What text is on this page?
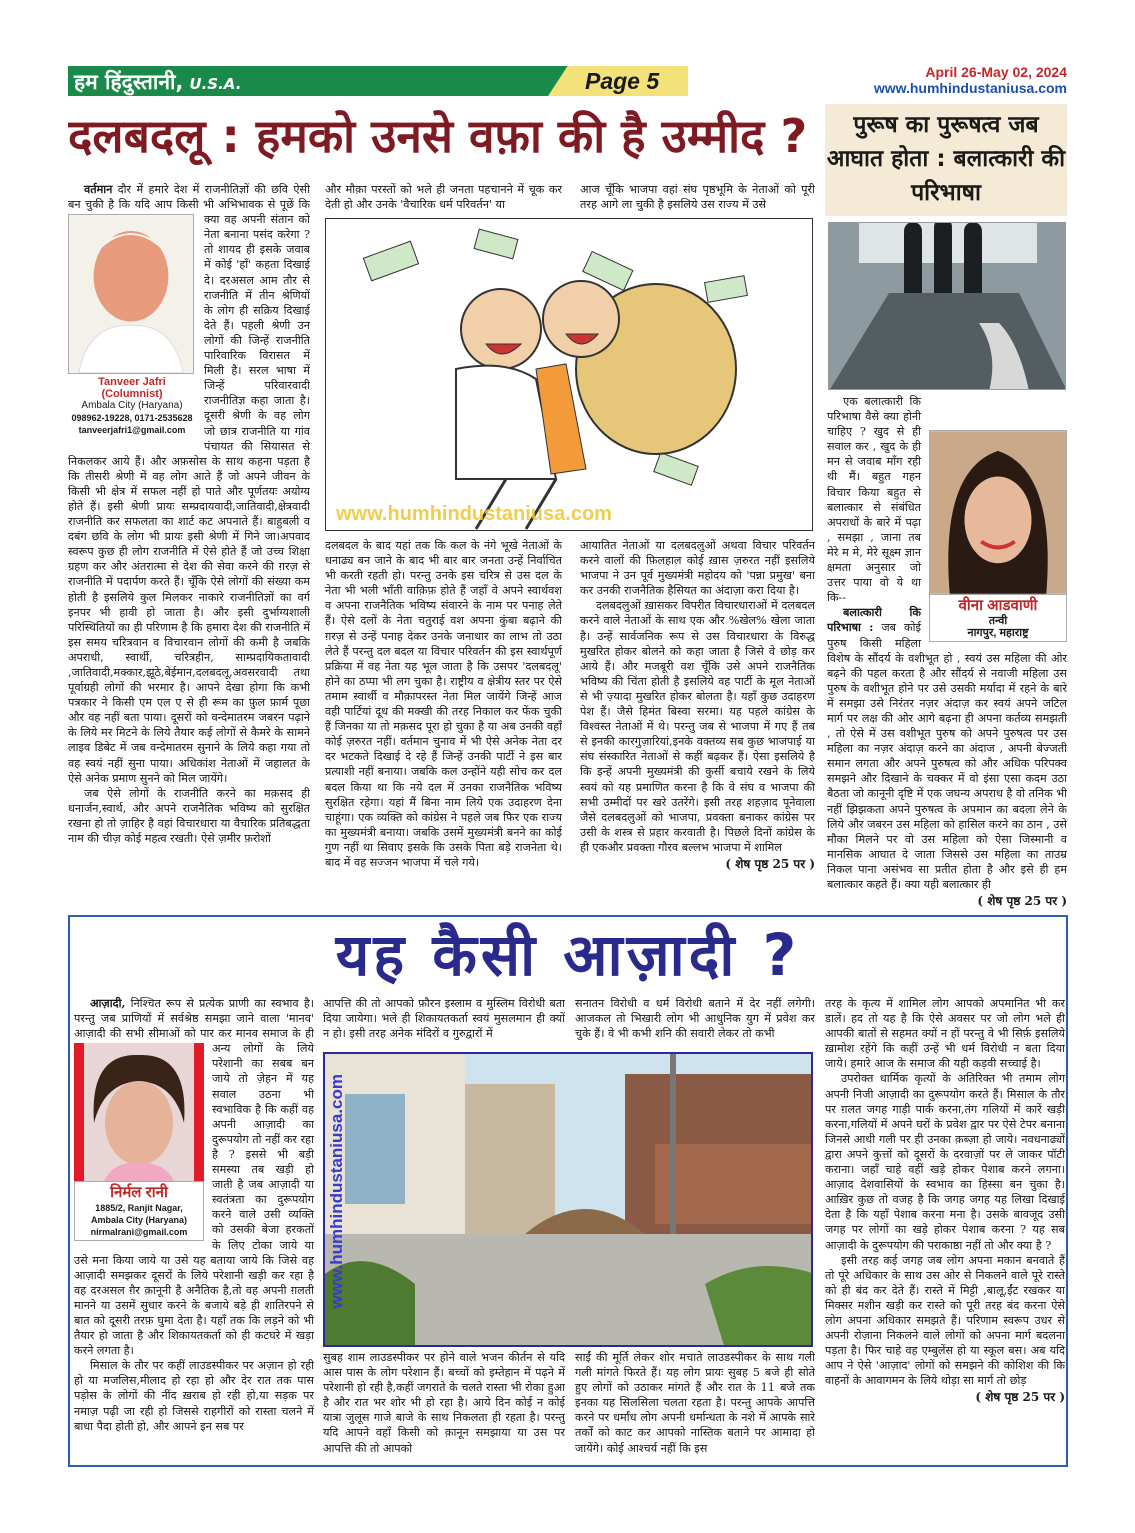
हम हिंदुस्तानी, U.S.A.	Page 5	April 26-May 02, 2024
www.humhindustaniusa.com
दलबदलू : हमको उनसे वफ़ा की है उम्मीद ?

वर्तमान दौर में हमारे देश में राजनीतिज्ञों की छवि ऐसी बन चुकी है कि यदि आप किसी भी अभिभावक
Tanveer Jafri (Columnist)
Ambala City (Haryana)
098962-19228, 0171-2535628
tanveerjafri1@gmail.com
से पूछें कि क्या वह अपनी संतान को नेता बनाना पसंद करेगा ? तो शायद ही इसके जवाब में कोई 'हाँ' कहता दिखाई दे। दरअसल आम तौर से राजनीति में तीन श्रेणियों के लोग ही सक्रिय दिखाई देते हैं। पहली श्रेणी उन लोगों की जिन्हें राजनीति पारिवारिक विरासत में मिली है। सरल भाषा में जिन्हें परिवारवादी राजनीतिज्ञ कहा जाता है। दूसरी श्रेणी के वह लोग जो छात्र राजनीति या गांव पंचायत की सियासत से निकलकर आये हैं। और अफ़सोस के साथ कहना पड़ता है कि तीसरी श्रेणी में वह लोग आते हैं जो अपने जीवन के किसी भी क्षेत्र में सफल नहीं हो पाते और पूर्णतयः अयोग्य होते हैं। इसी श्रेणी प्रायः सम्प्रदायवादी,जातिवादी,क्षेत्रवादी राजनीति कर सफलता का शार्ट कट अपनाते हैं। बाहुबली व दबंग छवि के लोग भी प्रायः इसी श्रेणी में गिने जा।अपवाद स्वरूप कुछ ही लोग राजनीति में ऐसे होते हैं जो उच्च शिक्षा ग्रहण कर और अंतरात्मा से देश की सेवा करने की ग़रज़ से राजनीति में पदार्पण करते हैं। चूँकि ऐसे लोगों की संख्या कम होती है इसलिये कुल मिलकर नाकारे राजनीतिज्ञों का वर्ग इनपर भी हावी हो जाता है। और इसी दुर्भाग्यशाली परिस्थितियों का ही परिणाम है कि हमारा देश की राजनीति में इस समय चरित्रवान व विचारवान लोगों की कमी है जबकि अपराधी, स्वार्थी, चरित्रहीन, साम्प्रदायिकतावादी ,जातिवादी,मक्कार,झूठे,बेईमान,दलबदलू,अवसरवादी तथा पूर्वाग्रही लोगों की भरमार है। आपने देखा होगा कि कभी पत्रकार ने किसी एम एल ए से ही रूम का फ़ुल फ़ार्म पूछा और वह नहीं बता पाया। दूसरों को वन्देमातरम जबरन पढ़ाने के लिये मर मिटने के लिये तैयार कई लोगों से कैमरे के सामने लाइव डिबेट में जब वन्देमातरम सुनाने के लिये कहा गया तो वह स्वयं नहीं सुना पाया। अधिकांश नेताओं में जहालत के ऐसे अनेक प्रमाण सुनने को मिल जायेंगे।

जब ऐसे लोगों के राजनीति करने का मक़सद ही धनार्जन,स्वार्थ, और अपने राजनैतिक भविष्य को सुरक्षित रखना हो तो ज़ाहिर है वहां विचारधारा या वैचारिक प्रतिबद्धता नाम की चीज़ कोई महत्व रखती। ऐसे ज़मीर फ़रोशों

और मौक़ा परस्तों को भले ही जनता पहचानने में चूक कर देती हो और उनके 'वैचारिक धर्म परिवर्तन' या
आज चूँकि भाजपा वहां संघ पृष्ठभूमि के नेताओं को पूरी तरह आगे ला चुकी है इसलिये उस राज्य में उसे
www.humhindustaniusa.com

दलबदल के बाद यहां तक कि कल के नंगे भूखे नेताओं के धनाढ्य बन जाने के बाद भी बार बार जनता उन्हें निर्वाचित भी करती रहती हो। परन्तु उनके इस चरित्र से उस दल के नेता भी भली भाँती वाक़िफ़ होते हैं जहाँ वे अपने स्वार्थवश व अपना राजनैतिक भविष्य संवारने के नाम पर पनाह लेते हैं। ऐसे दलों के नेता चतुराई वश अपना कुंबा बढ़ाने की ग़रज़ से उन्हें पनाह देकर उनके जनाधार का लाभ तो उठा लेते हैं परन्तु दल बदल या विचार परिवर्तन की इस स्वार्थपूर्ण प्रक्रिया में वह नेता यह भूल जाता है कि उसपर 'दलबदलू' होने का ठप्पा भी लग चुका है। राष्ट्रीय व क्षेत्रीय स्तर पर ऐसे तमाम स्वार्थी व मौक़ापरस्त नेता मिल जायेंगे जिन्हें आज वही पार्टियां दूध की मक्खी की तरह निकाल कर फेंक चुकी हैं जिनका या तो मक़सद पूरा हो चुका है या अब उनकी वहाँ कोई ज़रुरत नहीं। वर्तमान चुनाव में भी ऐसे अनेक नेता दर दर भटकते दिखाई दे रहे हैं जिन्हें उनकी पार्टी ने इस बार प्रत्याशी नहीं बनाया। जबकि कल उन्होंने यही सोच कर दल बदल किया था कि नये दल में उनका राजनैतिक भविष्य सुरक्षित रहेगा। यहां मैं बिना नाम लिये एक उदाहरण देना चाहूंगा। एक व्यक्ति को कांग्रेस ने पहले जब फिर एक राज्य का मुख्यमंत्री बनाया। जबकि उसमें मुख्यमंत्री बनने का कोई गुण नहीं था सिवाए इसके कि उसके पिता बड़े राजनेता थे। बाद में वह सज्जन भाजपा में चले गये।

आयातित नेताओं या दलबदलुओं अथवा विचार परिवर्तन करने वालों की फ़िलहाल कोई ख़ास ज़रुरत नहीं इसलिये भाजपा ने उन पूर्व मुख्यमंत्री महोदय को 'पन्ना प्रमुख' बना कर उनकी राजनैतिक हैसियत का अंदाज़ा करा दिया है।

दलबदलुओं ख़ासकर विपरीत विचारधाराओं में दलबदल करने वाले नेताओं के साथ एक और %खेल% खेला जाता है। उन्हें सार्वजनिक रूप से उस विचारधारा के विरुद्ध मुखरित होकर बोलने को कहा जाता है जिसे वे छोड़ कर आये हैं। और मजबूरी वश चूँकि उसे अपने राजनैतिक भविष्य की चिंता होती है इसलिये वह पार्टी के मूल नेताओं से भी ज़्यादा मुखरित होकर बोलता है। यहाँ कुछ उदाहरण पेश हैं। जैसे हिमंत बिस्वा सरमा। यह पहले कांग्रेस के विश्वस्त नेताओं में थे। परन्तु जब से भाजपा में गए हैं तब से इनकी कारगुज़ारियां,इनके वक्तव्य सब कुछ भाजपाई या संघ संस्कारित नेताओं से कहीं बढ़कर हैं। ऐसा इसलिये है कि इन्हें अपनी मुख्यमंत्री की कुर्सी बचाये रखने के लिये स्वयं को यह प्रमाणित करना है कि वे संघ व भाजपा की सभी उम्मीदों पर खरे उतरेंगे। इसी तरह शहज़ाद पूनेवाला जैसे दलबदलुओं को भाजपा, प्रवक्ता बनाकर कांग्रेस पर उसी के शस्त्र से प्रहार करवाती है। पिछले दिनों कांग्रेस के ही एकऔर प्रवक्ता गौरव बल्लभ भाजपा में शामिल

( शेष पृष्ठ 25 पर )
पुरूष का पुरूषत्व जब आघात होता : बलात्कारी की परिभाषा
वीना आडवाणी
तन्वी
नागपुर, महाराष्ट्र

एक बलात्कारी कि परिभाषा वैसे क्या होनी चाहिए ? खुद से ही सवाल कर , खुद के ही मन से जवाब माँग रही थी मैं। बहुत गहन विचार किया बहुत से बलात्कार से संबंधित अपराधों के बारे में पढ़ा , समझा , जाना तब मेरे म मे, मेरे सूक्ष्म ज्ञान क्षमता अनुसार जो उत्तर पाया वो ये था कि--

बलात्कारी कि परिभाषा : जब कोई पुरुष किसी महिला विशेष के सौंदर्य के वशीभूत हो , स्वयं उस महिला की ओर बढ़ने की पहल करता है और सौंदर्य से नवाजी महिला उस पुरुष के वशीभूत होने पर उसे उसकी मर्यादा में रहने के बारे में समझा उसे निरंतर नज़र अंदाज़ कर स्वयं अपने जटिल मार्ग पर लक्ष की ओर आगे बढ़ना ही अपना कर्तव्य समझती , तो ऐसे में उस वशीभूत पुरुष को अपने पुरुषत्व पर उस महिला का नज़र अंदाज़ करने का अंदाज , अपनी बेज्जती समान लगता और अपने पुरुषत्व को और अधिक परिपक्व समझने और दिखाने के चक्कर में वो इंसा एसा कदम उठा बैठता जो कानूनी दृष्टि में एक जघन्य अपराध है वो तनिक भी नहीं झिझकता अपने पुरुषत्व के अपमान का बदला लेने के लिये और जबरन उस महिला को हासिल करने का ठान , उसे मौका मिलने पर वो उस महिला को ऐसा जिस्मानी व मानसिक आघात दे जाता जिससे उस महिला का ताउम्र निकल पाना असंभव सा प्रतीत होता है और इसे ही हम बलात्कार कहते हैं। क्या यही बलात्कार ही

( शेष पृष्ठ 25 पर )
यह कैसी आज़ादी ?

आज़ादी, निश्चित रूप से प्रत्येक प्राणी का स्वभाव है। परन्तु जब प्राणियों में सर्वश्रेष्ठ समझा जाने वाला 'मानव' आज़ादी की सभी सीमाओं को पार कर मानव
निर्मल रानी
1885/2, Ranjit Nagar,
Ambala City (Haryana)
nirmalrani@gmail.com
समाज के ही अन्य लोगों के लिये परेशानी का सबब बन जाये तो ज़ेहन में यह सवाल उठना भी स्वभाविक है कि कहीं वह अपनी आज़ादी का दुरूपयोग तो नहीं कर रहा है ? इससे भी बड़ी समस्या तब खड़ी हो जाती है जब आज़ादी या स्वतंत्रता का दुरूपयोग करने वाले उसी व्यक्ति को उसकी बेजा हरकतों के लिए टोका जाये या उसे मना किया जाये या उसे यह बताया जाये कि जिसे वह आज़ादी समझकर दूसरों के लिये परेशानी खड़ी कर रहा है वह दरअसल ग़ैर क़ानूनी है अनैतिक है,तो वह अपनी ग़लती मानने या उसमें सुधार करने के बजाये बड़े ही शातिरपने से बात को दूसरी तरफ़ घुमा देता है। यहाँ तक कि लड़ने को भी तैयार हो जाता है और शिकायतकर्ता को ही कटघरे में खड़ा करने लगता है।

मिसाल के तौर पर कहीं लाउडस्पीकर पर अज़ान हो रही हो या मजलिस,मीलाद हो रहा हो और देर रात तक पास पड़ोस के लोगों की नींद ख़राब हो रही हो,या सड़क पर नमाज़ पढ़ी जा रही हो जिससे राहगीरों को रास्ता चलने में बाधा पैदा होती हो, और आपने इन सब पर

आपत्ति की तो आपको फ़ौरन इस्लाम व मुस्लिम विरोधी बता दिया जायेगा। भले ही शिकायतकर्ता स्वयं मुसलमान ही क्यों न हो। इसी तरह अनेक मंदिरों व गुरुद्वारों में
सनातन विरोधी व धर्म विरोधी बताने में देर नहीं लगेगी। आजकल तो भिखारी लोग भी आधुनिक युग में प्रवेश कर चुके हैं। वे भी कभी शनि की सवारी लेकर तो कभी
www.humhindustaniusa.com
सुबह शाम लाउडस्पीकर पर होने वाले भजन कीर्तन से यदि आस पास के लोग परेशान हैं। बच्चों को इम्तेहान में पढ़ने में परेशानी हो रही है,कहीं जगराते के चलते रास्ता भी रोका हुआ है और रात भर शोर भी हो रहा है। आये दिन कोई न कोई यात्रा जुलूस गाजे बाजे के साथ निकलता ही रहता है। परन्तु यदि आपने वहाँ किसी को क़ानून समझाया या उस पर आपत्ति की तो आपको
साईं की मूर्ति लेकर शोर मचाते लाउडस्पीकर के साथ गली गली मांगते फिरते हैं। यह लोग प्रायः सुबह 5 बजे ही सोते हुए लोगों को उठाकर मांगते हैं और रात के 11 बजे तक इनका यह सिलसिला चलता रहता है। परन्तु आपके आपत्ति करने पर धर्मांध लोग अपनी धर्मान्धता के नशे में आपके सारे तर्कों को काट कर आपको नास्तिक बताने पर आमादा हो जायेंगे। कोई आश्चर्य नहीं कि इस

तरह के कृत्य में शामिल लोग आपको अपमानित भी कर डालें। हद तो यह है कि ऐसे अवसर पर जो लोग भले ही आपकी बातों से सहमत क्यों न हों परन्तु वे भी सिर्फ़ इसलिये ख़ामोश रहेंगे कि कहीं उन्हें भी धर्म विरोधी न बता दिया जाये। हमारे आज के समाज की यही कड़वी सच्चाई है।

उपरोक्त धार्मिक कृत्यों के अतिरिक्त भी तमाम लोग अपनी निजी आज़ादी का दुरूपयोग करते हैं। मिसाल के तौर पर ग़लत जगह गाड़ी पार्क करना,तंग गलियों में कारें खड़ी करना,गलियों में अपने घरों के प्रवेश द्वार पर ऐसे टेपर बनाना जिनसे आधी गली पर ही उनका क़ब्ज़ा हो जाये। नवधनाढ्यों द्वारा अपने कुत्तों को दूसरों के दरवाज़ों पर ले जाकर पॉटी कराना। जहाँ चाहे वहीं खड़े होकर पेशाब करने लगना। आज़ाद देशवासियों के स्वभाव का हिस्सा बन चुका है। आख़िर कुछ तो वजह है कि जगह जगह यह लिखा दिखाई देता है कि यहाँ पेशाब करना मना है। उसके बावजूद उसी जगह पर लोगों का खड़े होकर पेशाब करना ? यह सब आज़ादी के दुरूपयोग की पराकाष्ठा नहीं तो और क्या है ?

इसी तरह कई जगह जब लोग अपना मकान बनवाते हैं तो पूरे अधिकार के साथ उस ओर से निकलने वाले पूरे रास्ते को ही बंद कर देते हैं। रास्ते में मिट्टी ,बालू,ईंट रखकर या मिक्सर मशीन खड़ी कर रास्ते को पूरी तरह बंद करना ऐसे लोग अपना अधिकार समझते हैं। परिणाम स्वरूप उधर से अपनी रोज़ाना निकलने वाले लोगों को अपना मार्ग बदलना पड़ता है। फिर चाहे वह एम्बुलेंस हो या स्कूल बस। अब यदि आप ने ऐसे 'आज़ाद' लोगों को समझने की कोशिश की कि वाहनों के आवागमन के लिये थोड़ा सा मार्ग तो छोड़

( शेष पृष्ठ 25 पर )
